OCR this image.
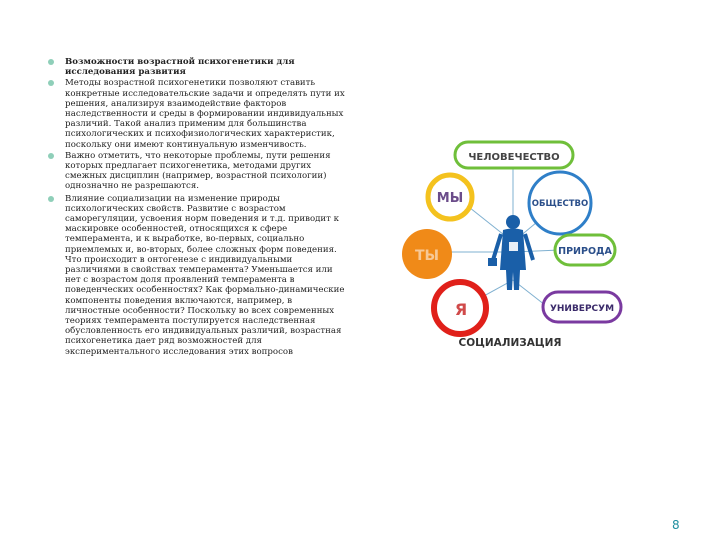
Возможности возрастной психогенетики для исследования развития
Методы возрастной психогенетики позволяют ставить конкретные исследовательские задачи и определять пути их решения, анализируя взаимодействие факторов наследственности и среды в формировании индивидуальных различий. Такой анализ применим для большинства психологических и психофизиологических характеристик, поскольку они имеют континуальную изменчивость.
Важно отметить, что некоторые проблемы, пути решения которых предлагает психогенетика, методами других смежных дисциплин (например, возрастной психологии) однозначно не разрешаются.
Влияние социализации на изменение природы психологических свойств. Развитие с возрастом саморегуляции, усвоения норм поведения и т.д. приводит к маскировке особенностей, относящихся к сфере темперамента, и к выработке, во-первых, социально приемлемых и, во-вторых, более сложных форм поведения. Что происходит в онтогенезе с индивидуальными различиями в свойствах темперамента? Уменьшается или нет с возрастом доля проявлений темперамента в поведенческих особенностях? Как формально-динамические компоненты поведения включаются, например, в личностные особенности? Поскольку во всех современных теориях темперамента постулируется наследственная обусловленность его индивидуальных различий, возрастная психогенетика дает ряд возможностей для экспериментального исследования этих вопросов
ЧЕЛОВЕЧЕСТВО
МЫ	ОБЩЕСТВО
ТЫ	ПРИРОДА
Я	УНИВЕРСУМ
СОЦИАЛИЗАЦИЯ
8
